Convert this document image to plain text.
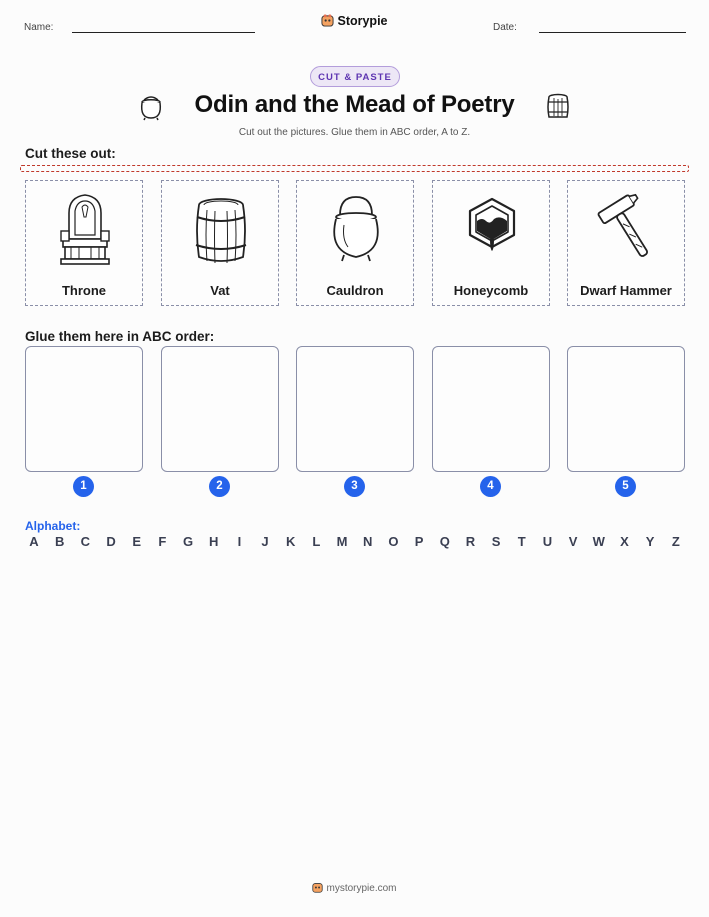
Name:	Storypie	Date:
CUT & PASTE
Odin and the Mead of Poetry
Cut out the pictures. Glue them in ABC order, A to Z.
Cut these out:
Throne	Vat	Cauldron	Honeycomb	Dwarf Hammer
Glue them here in ABC order:
1	2	3	4	5
Alphabet:
A	B	C	D	E	F	G	H	I	J	K	L	M	N	O	P	Q	R	S	T	U	V	W	X	Y	Z
mystorypie.com
